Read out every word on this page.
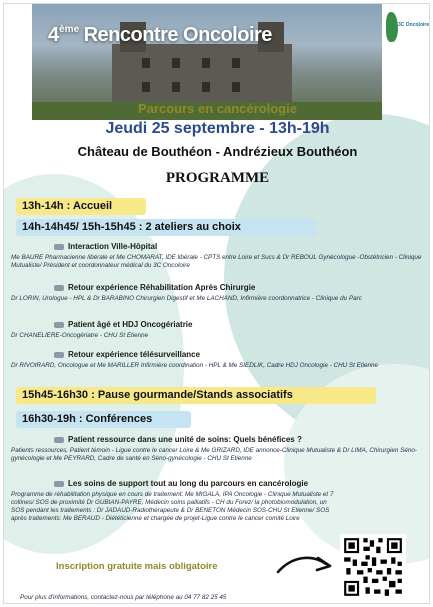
4ème Rencontre Oncoloire	3C Oncoloire
Parcours en cancérologie
Jeudi 25 septembre - 13h-19h
Château de Bouthéon - Andrézieux Bouthéon
PROGRAMME
13h-14h : Accueil
14h-14h45/ 15h-15h45 : 2 ateliers au choix
Interaction Ville-Hôpital
Me BAURE Pharmacienne libérale et Me CHOMARAT, IDE libérale - CPTS entre Loire et Sucs & Dr REBOUL Gynécologue -Obstétricien - Clinique Mutualiste/ Président et coordonnateur médical du 3C Oncoloire
Retour expérience Réhabilitation Après Chirurgie
Dr LORIN, Urologue - HPL & Dr BARABINO Chirurgien Digestif et Me LACHAND, Infirmière coordonnatrice - Clinique du Parc
Patient âgé et HDJ Oncogériatrie
Dr CHANELIERE-Oncogériatre - CHU St Etienne
Retour expérience télésurveillance
Dr RIVOIRARD, Oncologue et Me MARILLER Infirmière coordination - HPL & Me SIEDLIK, Cadre HDJ Oncologie - CHU St Etienne
15h45-16h30 : Pause gourmande/Stands associatifs
16h30-19h : Conférences
Patient ressource dans une unité de soins: Quels bénéfices ?
Patients ressources, Patient témoin - Ligue contre le cancer Loire & Me GRIZARD, IDE annonce-Clinique Mutualiste & Dr LIMA, Chirurgien Séno-gynécologie et Me PEYRARD, Cadre de santé en Séno-gynécologie - CHU St Etienne
Les soins de support tout au long du parcours en cancérologie
Programme de réhabilitation physique en cours de traitement: Me MIGALA, IPA Oncologie - Clinique Mutualiste et 7 collines/ SOS de proximité Dr GUBIAN-PAYRE, Médecin soins palliatifs - CH du Forez/ la photobiomodulation, un SOS pendant les traitements : Dr JADAUD-Radiothérapeute & Dr BENETON Médecin SOS-CHU St Etienne/ SOS après traitements: Me BERAUD - Diététicienne et chargée de projet-Ligue contre le cancer comité Loire
Inscription gratuite mais obligatoire
Pour plus d'informations, contactez-nous par téléphone au 04 77 82 25 45
